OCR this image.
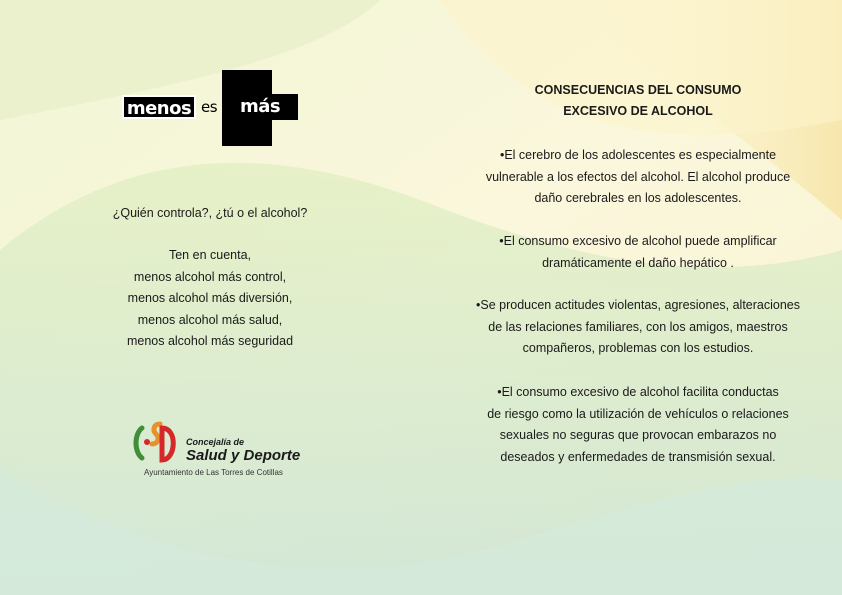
menos es	más
¿Quién controla?, ¿tú o el alcohol?
Ten en cuenta,
menos alcohol más control,
menos alcohol más diversión,
menos alcohol más salud,
menos alcohol más seguridad
Concejalía de
Salud y Deporte
Ayuntamiento de Las Torres de Cotillas
CONSECUENCIAS DEL CONSUMO
EXCESIVO DE ALCOHOL
•El cerebro de los adolescentes es especialmente
vulnerable a los efectos del alcohol. El alcohol produce
daño cerebrales en los adolescentes.
•El consumo excesivo de alcohol puede amplificar
dramáticamente el daño hepático .
•Se producen actitudes violentas, agresiones, alteraciones
de las relaciones familiares, con los amigos, maestros
compañeros, problemas con los estudios.
•El consumo excesivo de alcohol facilita conductas
de riesgo como la utilización de vehículos o relaciones
sexuales no seguras que provocan embarazos no
deseados y enfermedades de transmisión sexual.
